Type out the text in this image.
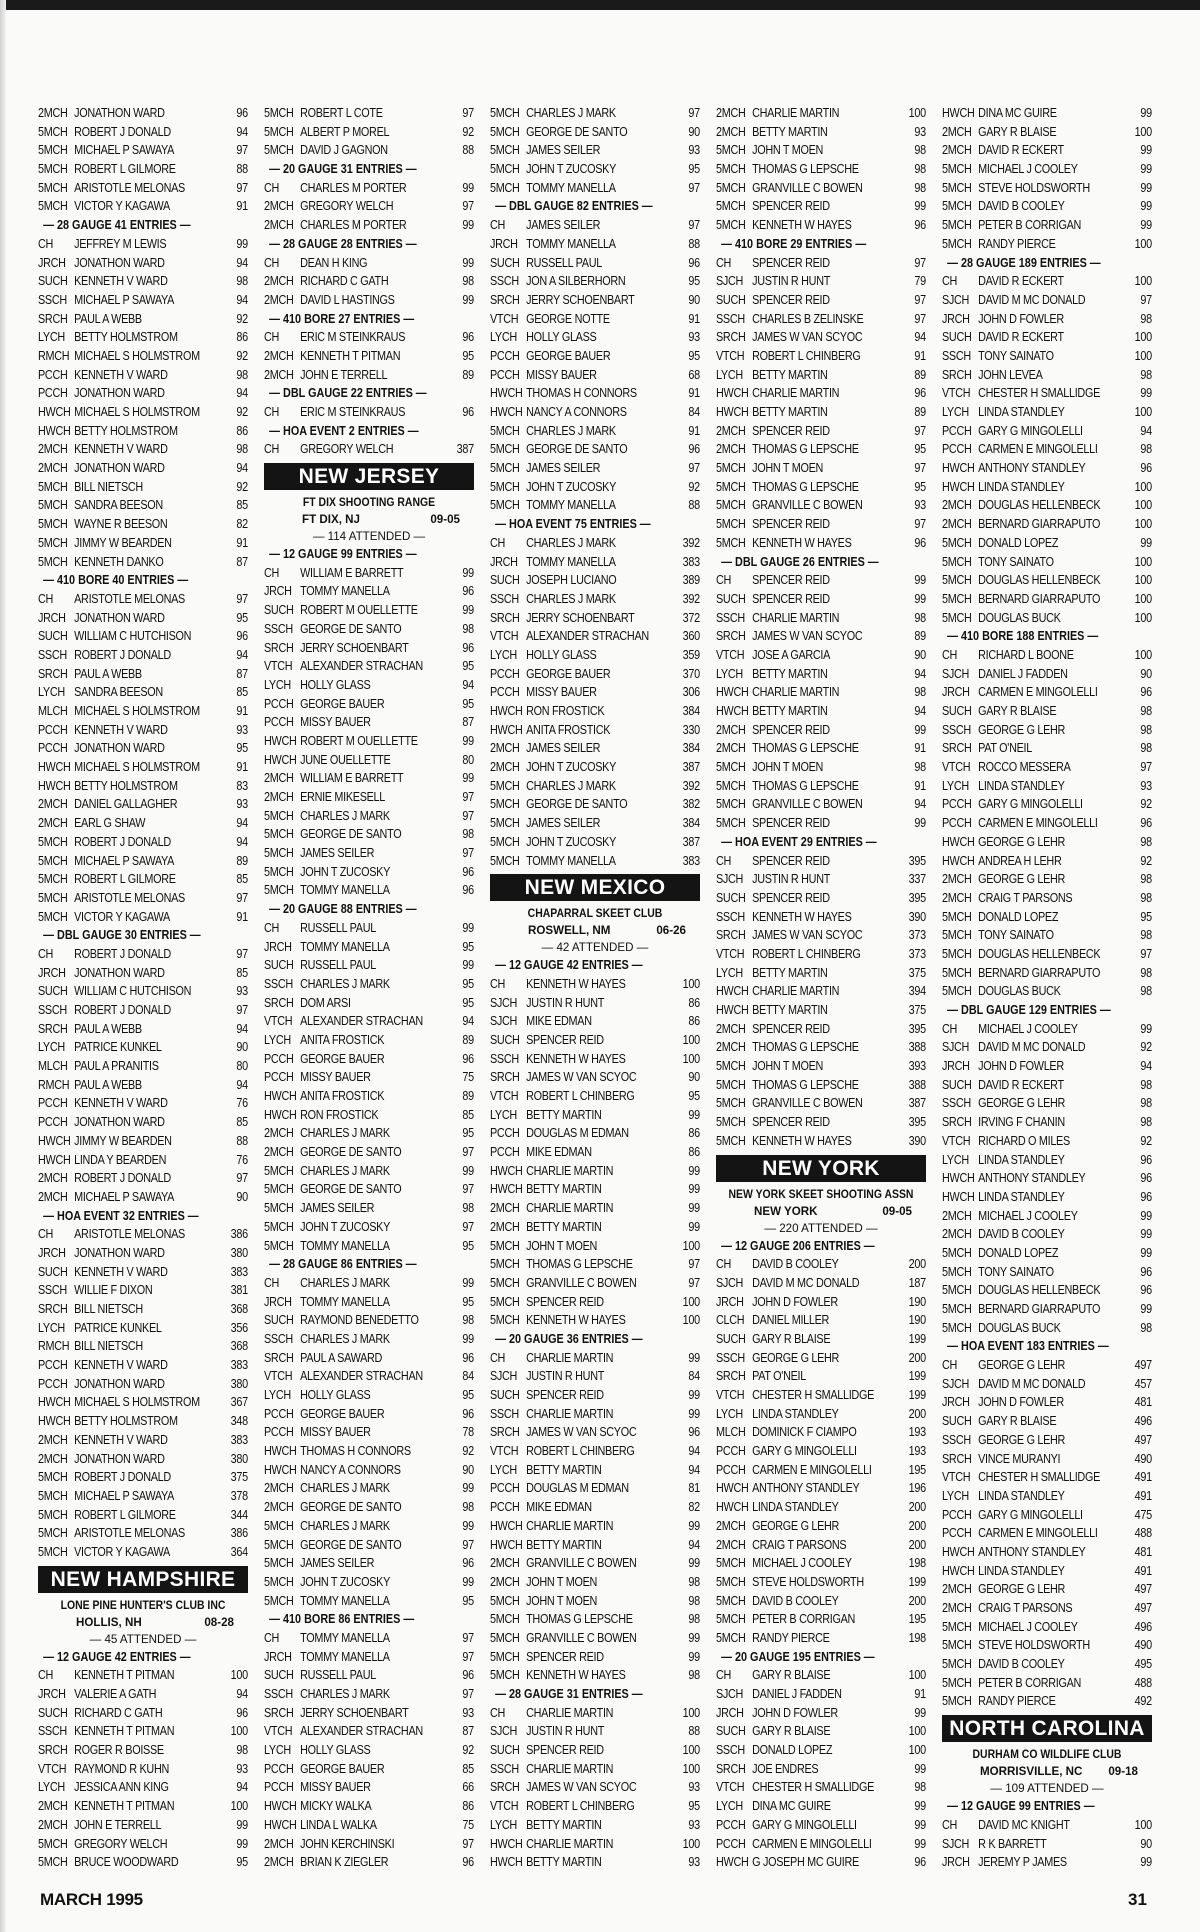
2MCH JONATHON WARD	96
5MCH ROBERT J DONALD	94
5MCH MICHAEL P SAWAYA	97
5MCH ROBERT L GILMORE	88
5MCH ARISTOTLE MELONAS	97
5MCH VICTOR Y KAGAWA	91
— 28 GAUGE 41 ENTRIES —
CH	JEFFREY M LEWIS	99
JRCH JONATHON WARD	94
SUCH KENNETH V WARD	98
SSCH MICHAEL P SAWAYA	94
SRCH PAUL A WEBB	92
LYCH BETTY HOLMSTROM	86
RMCH MICHAEL S HOLMSTROM	92
PCCH KENNETH V WARD	98
PCCH JONATHON WARD	94
HWCH MICHAEL S HOLMSTROM	92
HWCH BETTY HOLMSTROM	86
2MCH KENNETH V WARD	98
2MCH JONATHON WARD	94
5MCH BILL NIETSCH	92
5MCH SANDRA BEESON	85
5MCH WAYNE R BEESON	82
5MCH JIMMY W BEARDEN	91
5MCH KENNETH DANKO	87
— 410 BORE 40 ENTRIES —
CH	ARISTOTLE MELONAS	97
JRCH JONATHON WARD	95
SUCH WILLIAM C HUTCHISON	96
SSCH ROBERT J DONALD	94
SRCH PAUL A WEBB	87
LYCH SANDRA BEESON	85
MLCH MICHAEL S HOLMSTROM	91
PCCH KENNETH V WARD	93
PCCH JONATHON WARD	95
HWCH MICHAEL S HOLMSTROM	91
HWCH BETTY HOLMSTROM	83
2MCH DANIEL GALLAGHER	93
2MCH EARL G SHAW	94
5MCH ROBERT J DONALD	94
5MCH MICHAEL P SAWAYA	89
5MCH ROBERT L GILMORE	85
5MCH ARISTOTLE MELONAS	97
5MCH VICTOR Y KAGAWA	91
— DBL GAUGE 30 ENTRIES —
CH	ROBERT J DONALD	97
JRCH JONATHON WARD	85
SUCH WILLIAM C HUTCHISON	93
SSCH ROBERT J DONALD	97
SRCH PAUL A WEBB	94
LYCH PATRICE KUNKEL	90
MLCH PAUL A PRANITIS	80
RMCH PAUL A WEBB	94
PCCH KENNETH V WARD	76
PCCH JONATHON WARD	85
HWCH JIMMY W BEARDEN	88
HWCH LINDA Y BEARDEN	76
2MCH ROBERT J DONALD	97
2MCH MICHAEL P SAWAYA	90
— HOA EVENT 32 ENTRIES —
CH	ARISTOTLE MELONAS	386
JRCH JONATHON WARD	380
SUCH KENNETH V WARD	383
SSCH WILLIE F DIXON	381
SRCH BILL NIETSCH	368
LYCH PATRICE KUNKEL	356
RMCH BILL NIETSCH	368
PCCH KENNETH V WARD	383
PCCH JONATHON WARD	380
HWCH MICHAEL S HOLMSTROM	367
HWCH BETTY HOLMSTROM	348
2MCH KENNETH V WARD	383
2MCH JONATHON WARD	380
5MCH ROBERT J DONALD	375
5MCH MICHAEL P SAWAYA	378
5MCH ROBERT L GILMORE	344
5MCH ARISTOTLE MELONAS	386
5MCH VICTOR Y KAGAWA	364
NEW HAMPSHIRE
LONE PINE HUNTER'S CLUB INC
HOLLIS, NH	08-28
— 45 ATTENDED —
— 12 GAUGE 42 ENTRIES —
CH	KENNETH T PITMAN	100
JRCH VALERIE A GATH	94
SUCH RICHARD C GATH	96
SSCH KENNETH T PITMAN	100
SRCH ROGER R BOISSE	98
VTCH RAYMOND R KUHN	93
LYCH JESSICA ANN KING	94
2MCH KENNETH T PITMAN	100
2MCH JOHN E TERRELL	99
5MCH GREGORY WELCH	99
5MCH BRUCE WOODWARD	95
5MCH ROBERT L COTE	97
5MCH ALBERT P MOREL	92
5MCH DAVID J GAGNON	88
— 20 GAUGE 31 ENTRIES —
CH	CHARLES M PORTER	99
2MCH GREGORY WELCH	97
2MCH CHARLES M PORTER	99
— 28 GAUGE 28 ENTRIES —
CH	DEAN H KING	99
2MCH RICHARD C GATH	98
2MCH DAVID L HASTINGS	99
— 410 BORE 27 ENTRIES —
CH	ERIC M STEINKRAUS	96
2MCH KENNETH T PITMAN	95
2MCH JOHN E TERRELL	89
— DBL GAUGE 22 ENTRIES —
CH	ERIC M STEINKRAUS	96
— HOA EVENT 2 ENTRIES —
CH	GREGORY WELCH	387
NEW JERSEY
FT DIX SHOOTING RANGE
FT DIX, NJ	09-05
— 114 ATTENDED —
— 12 GAUGE 99 ENTRIES —
CH	WILLIAM E BARRETT	99
JRCH TOMMY MANELLA	96
SUCH ROBERT M OUELLETTE	99
SSCH GEORGE DE SANTO	98
SRCH JERRY SCHOENBART	96
VTCH ALEXANDER STRACHAN	95
LYCH HOLLY GLASS	94
PCCH GEORGE BAUER	95
PCCH MISSY BAUER	87
HWCH ROBERT M OUELLETTE	99
HWCH JUNE OUELLETTE	80
2MCH WILLIAM E BARRETT	99
2MCH ERNIE MIKESELL	97
5MCH CHARLES J MARK	97
5MCH GEORGE DE SANTO	98
5MCH JAMES SEILER	97
5MCH JOHN T ZUCOSKY	96
5MCH TOMMY MANELLA	96
— 20 GAUGE 88 ENTRIES —
CH	RUSSELL PAUL	99
JRCH TOMMY MANELLA	95
SUCH RUSSELL PAUL	99
SSCH CHARLES J MARK	95
SRCH DOM ARSI	95
VTCH ALEXANDER STRACHAN	94
LYCH ANITA FROSTICK	89
PCCH GEORGE BAUER	96
PCCH MISSY BAUER	75
HWCH ANITA FROSTICK	89
HWCH RON FROSTICK	85
2MCH CHARLES J MARK	95
2MCH GEORGE DE SANTO	97
5MCH CHARLES J MARK	99
5MCH GEORGE DE SANTO	97
5MCH JAMES SEILER	98
5MCH JOHN T ZUCOSKY	97
5MCH TOMMY MANELLA	95
— 28 GAUGE 86 ENTRIES —
CH	CHARLES J MARK	99
JRCH TOMMY MANELLA	95
SUCH RAYMOND BENEDETTO	98
SSCH CHARLES J MARK	99
SRCH PAUL A SAWARD	96
VTCH ALEXANDER STRACHAN	84
LYCH HOLLY GLASS	95
PCCH GEORGE BAUER	96
PCCH MISSY BAUER	78
HWCH THOMAS H CONNORS	92
HWCH NANCY A CONNORS	90
2MCH CHARLES J MARK	99
2MCH GEORGE DE SANTO	98
5MCH CHARLES J MARK	99
5MCH GEORGE DE SANTO	97
5MCH JAMES SEILER	96
5MCH JOHN T ZUCOSKY	99
5MCH TOMMY MANELLA	95
— 410 BORE 86 ENTRIES —
CH	TOMMY MANELLA	97
JRCH TOMMY MANELLA	97
SUCH RUSSELL PAUL	96
SSCH CHARLES J MARK	97
SRCH JERRY SCHOENBART	93
VTCH ALEXANDER STRACHAN	87
LYCH HOLLY GLASS	92
PCCH GEORGE BAUER	85
PCCH MISSY BAUER	66
HWCH MICKY WALKA	86
HWCH LINDA L WALKA	75
2MCH JOHN KERCHINSKI	97
2MCH BRIAN K ZIEGLER	96
5MCH CHARLES J MARK	97
5MCH GEORGE DE SANTO	90
5MCH JAMES SEILER	93
5MCH JOHN T ZUCOSKY	95
5MCH TOMMY MANELLA	97
— DBL GAUGE 82 ENTRIES —
CH	JAMES SEILER	97
JRCH TOMMY MANELLA	88
SUCH RUSSELL PAUL	96
SSCH JON A SILBERHORN	95
SRCH JERRY SCHOENBART	90
VTCH GEORGE NOTTE	91
LYCH HOLLY GLASS	93
PCCH GEORGE BAUER	95
PCCH MISSY BAUER	68
HWCH THOMAS H CONNORS	91
HWCH NANCY A CONNORS	84
5MCH CHARLES J MARK	91
5MCH GEORGE DE SANTO	96
5MCH JAMES SEILER	97
5MCH JOHN T ZUCOSKY	92
5MCH TOMMY MANELLA	88
— HOA EVENT 75 ENTRIES —
CH	CHARLES J MARK	392
JRCH TOMMY MANELLA	383
SUCH JOSEPH LUCIANO	389
SSCH CHARLES J MARK	392
SRCH JERRY SCHOENBART	372
VTCH ALEXANDER STRACHAN	360
LYCH HOLLY GLASS	359
PCCH GEORGE BAUER	370
PCCH MISSY BAUER	306
HWCH RON FROSTICK	384
HWCH ANITA FROSTICK	330
2MCH JAMES SEILER	384
2MCH JOHN T ZUCOSKY	387
5MCH CHARLES J MARK	392
5MCH GEORGE DE SANTO	382
5MCH JAMES SEILER	384
5MCH JOHN T ZUCOSKY	387
5MCH TOMMY MANELLA	383
NEW MEXICO
CHAPARRAL SKEET CLUB
ROSWELL, NM	06-26
— 42 ATTENDED —
— 12 GAUGE 42 ENTRIES —
CH	KENNETH W HAYES	100
SJCH JUSTIN R HUNT	86
SJCH MIKE EDMAN	86
SUCH SPENCER REID	100
SSCH KENNETH W HAYES	100
SRCH JAMES W VAN SCYOC	90
VTCH ROBERT L CHINBERG	95
LYCH BETTY MARTIN	99
PCCH DOUGLAS M EDMAN	86
PCCH MIKE EDMAN	86
HWCH CHARLIE MARTIN	99
HWCH BETTY MARTIN	99
2MCH CHARLIE MARTIN	99
2MCH BETTY MARTIN	99
5MCH JOHN T MOEN	100
5MCH THOMAS G LEPSCHE	97
5MCH GRANVILLE C BOWEN	97
5MCH SPENCER REID	100
5MCH KENNETH W HAYES	100
— 20 GAUGE 36 ENTRIES —
CH	CHARLIE MARTIN	99
SJCH JUSTIN R HUNT	84
SUCH SPENCER REID	99
SSCH CHARLIE MARTIN	99
SRCH JAMES W VAN SCYOC	96
VTCH ROBERT L CHINBERG	94
LYCH BETTY MARTIN	94
PCCH DOUGLAS M EDMAN	81
PCCH MIKE EDMAN	82
HWCH CHARLIE MARTIN	99
HWCH BETTY MARTIN	94
2MCH GRANVILLE C BOWEN	99
2MCH JOHN T MOEN	98
5MCH JOHN T MOEN	98
5MCH THOMAS G LEPSCHE	98
5MCH GRANVILLE C BOWEN	99
5MCH SPENCER REID	99
5MCH KENNETH W HAYES	98
— 28 GAUGE 31 ENTRIES —
CH	CHARLIE MARTIN	100
SJCH JUSTIN R HUNT	88
SUCH SPENCER REID	100
SSCH CHARLIE MARTIN	100
SRCH JAMES W VAN SCYOC	93
VTCH ROBERT L CHINBERG	95
LYCH BETTY MARTIN	93
HWCH CHARLIE MARTIN	100
HWCH BETTY MARTIN	93
2MCH CHARLIE MARTIN	100
2MCH BETTY MARTIN	93
5MCH JOHN T MOEN	98
5MCH THOMAS G LEPSCHE	98
5MCH GRANVILLE C BOWEN	98
5MCH SPENCER REID	99
5MCH KENNETH W HAYES	96
— 410 BORE 29 ENTRIES —
CH	SPENCER REID	97
SJCH JUSTIN R HUNT	79
SUCH SPENCER REID	97
SSCH CHARLES B ZELINSKE	97
SRCH JAMES W VAN SCYOC	94
VTCH ROBERT L CHINBERG	91
LYCH BETTY MARTIN	89
HWCH CHARLIE MARTIN	96
HWCH BETTY MARTIN	89
2MCH SPENCER REID	97
2MCH THOMAS G LEPSCHE	95
5MCH JOHN T MOEN	97
5MCH THOMAS G LEPSCHE	95
5MCH GRANVILLE C BOWEN	93
5MCH SPENCER REID	97
5MCH KENNETH W HAYES	96
— DBL GAUGE 26 ENTRIES —
CH	SPENCER REID	99
SUCH SPENCER REID	99
SSCH CHARLIE MARTIN	98
SRCH JAMES W VAN SCYOC	89
VTCH JOSE A GARCIA	90
LYCH BETTY MARTIN	94
HWCH CHARLIE MARTIN	98
HWCH BETTY MARTIN	94
2MCH SPENCER REID	99
2MCH THOMAS G LEPSCHE	91
5MCH JOHN T MOEN	98
5MCH THOMAS G LEPSCHE	91
5MCH GRANVILLE C BOWEN	94
5MCH SPENCER REID	99
— HOA EVENT 29 ENTRIES —
CH	SPENCER REID	395
SJCH JUSTIN R HUNT	337
SUCH SPENCER REID	395
SSCH KENNETH W HAYES	390
SRCH JAMES W VAN SCYOC	373
VTCH ROBERT L CHINBERG	373
LYCH BETTY MARTIN	375
HWCH CHARLIE MARTIN	394
HWCH BETTY MARTIN	375
2MCH SPENCER REID	395
2MCH THOMAS G LEPSCHE	388
5MCH JOHN T MOEN	393
5MCH THOMAS G LEPSCHE	388
5MCH GRANVILLE C BOWEN	387
5MCH SPENCER REID	395
5MCH KENNETH W HAYES	390
NEW YORK
NEW YORK SKEET SHOOTING ASSN
NEW YORK	09-05
— 220 ATTENDED —
— 12 GAUGE 206 ENTRIES —
CH	DAVID B COOLEY	200
SJCH DAVID M MC DONALD	187
JRCH JOHN D FOWLER	190
CLCH DANIEL MILLER	190
SUCH GARY R BLAISE	199
SSCH GEORGE G LEHR	200
SRCH PAT O'NEIL	199
VTCH CHESTER H SMALLIDGE	199
LYCH LINDA STANDLEY	200
MLCH DOMINICK F CIAMPO	193
PCCH GARY G MINGOLELLI	193
PCCH CARMEN E MINGOLELLI	195
HWCH ANTHONY STANDLEY	196
HWCH LINDA STANDLEY	200
2MCH GEORGE G LEHR	200
2MCH CRAIG T PARSONS	200
5MCH MICHAEL J COOLEY	198
5MCH STEVE HOLDSWORTH	199
5MCH DAVID B COOLEY	200
5MCH PETER B CORRIGAN	195
5MCH RANDY PIERCE	198
— 20 GAUGE 195 ENTRIES —
CH	GARY R BLAISE	100
SJCH DANIEL J FADDEN	91
JRCH JOHN D FOWLER	99
SUCH GARY R BLAISE	100
SSCH DONALD LOPEZ	100
SRCH JOE ENDRES	99
VTCH CHESTER H SMALLIDGE	98
LYCH DINA MC GUIRE	99
PCCH GARY G MINGOLELLI	99
PCCH CARMEN E MINGOLELLI	99
HWCH G JOSEPH MC GUIRE	96
HWCH DINA MC GUIRE	99
2MCH GARY R BLAISE	100
2MCH DAVID R ECKERT	99
5MCH MICHAEL J COOLEY	99
5MCH STEVE HOLDSWORTH	99
5MCH DAVID B COOLEY	99
5MCH PETER B CORRIGAN	99
5MCH RANDY PIERCE	100
— 28 GAUGE 189 ENTRIES —
CH	DAVID R ECKERT	100
SJCH DAVID M MC DONALD	97
JRCH JOHN D FOWLER	98
SUCH DAVID R ECKERT	100
SSCH TONY SAINATO	100
SRCH JOHN LEVEA	98
VTCH CHESTER H SMALLIDGE	99
LYCH LINDA STANDLEY	100
PCCH GARY G MINGOLELLI	94
PCCH CARMEN E MINGOLELLI	98
HWCH ANTHONY STANDLEY	96
HWCH LINDA STANDLEY	100
2MCH DOUGLAS HELLENBECK	100
2MCH BERNARD GIARRAPUTO	100
5MCH DONALD LOPEZ	99
5MCH TONY SAINATO	100
5MCH DOUGLAS HELLENBECK	100
5MCH BERNARD GIARRAPUTO	100
5MCH DOUGLAS BUCK	100
— 410 BORE 188 ENTRIES —
CH	RICHARD L BOONE	100
SJCH DANIEL J FADDEN	90
JRCH CARMEN E MINGOLELLI	96
SUCH GARY R BLAISE	98
SSCH GEORGE G LEHR	98
SRCH PAT O'NEIL	98
VTCH ROCCO MESSERA	97
LYCH LINDA STANDLEY	93
PCCH GARY G MINGOLELLI	92
PCCH CARMEN E MINGOLELLI	96
HWCH GEORGE G LEHR	98
HWCH ANDREA H LEHR	92
2MCH GEORGE G LEHR	98
2MCH CRAIG T PARSONS	98
5MCH DONALD LOPEZ	95
5MCH TONY SAINATO	98
5MCH DOUGLAS HELLENBECK	97
5MCH BERNARD GIARRAPUTO	98
5MCH DOUGLAS BUCK	98
— DBL GAUGE 129 ENTRIES —
CH	MICHAEL J COOLEY	99
SJCH DAVID M MC DONALD	92
JRCH JOHN D FOWLER	94
SUCH DAVID R ECKERT	98
SSCH GEORGE G LEHR	98
SRCH IRVING F CHANIN	98
VTCH RICHARD O MILES	92
LYCH LINDA STANDLEY	96
HWCH ANTHONY STANDLEY	96
HWCH LINDA STANDLEY	96
2MCH MICHAEL J COOLEY	99
2MCH DAVID B COOLEY	99
5MCH DONALD LOPEZ	99
5MCH TONY SAINATO	96
5MCH DOUGLAS HELLENBECK	96
5MCH BERNARD GIARRAPUTO	99
5MCH DOUGLAS BUCK	98
— HOA EVENT 183 ENTRIES —
CH	GEORGE G LEHR	497
SJCH DAVID M MC DONALD	457
JRCH JOHN D FOWLER	481
SUCH GARY R BLAISE	496
SSCH GEORGE G LEHR	497
SRCH VINCE MURANYI	490
VTCH CHESTER H SMALLIDGE	491
LYCH LINDA STANDLEY	491
PCCH GARY G MINGOLELLI	475
PCCH CARMEN E MINGOLELLI	488
HWCH ANTHONY STANDLEY	481
HWCH LINDA STANDLEY	491
2MCH GEORGE G LEHR	497
2MCH CRAIG T PARSONS	497
5MCH MICHAEL J COOLEY	496
5MCH STEVE HOLDSWORTH	490
5MCH DAVID B COOLEY	495
5MCH PETER B CORRIGAN	488
5MCH RANDY PIERCE	492
NORTH CAROLINA
DURHAM CO WILDLIFE CLUB
MORRISVILLE, NC 09-18
— 109 ATTENDED —
— 12 GAUGE 99 ENTRIES —
CH	DAVID MC KNIGHT	100
SJCH R K BARRETT	90
JRCH JEREMY P JAMES	99
MARCH 1995	31
